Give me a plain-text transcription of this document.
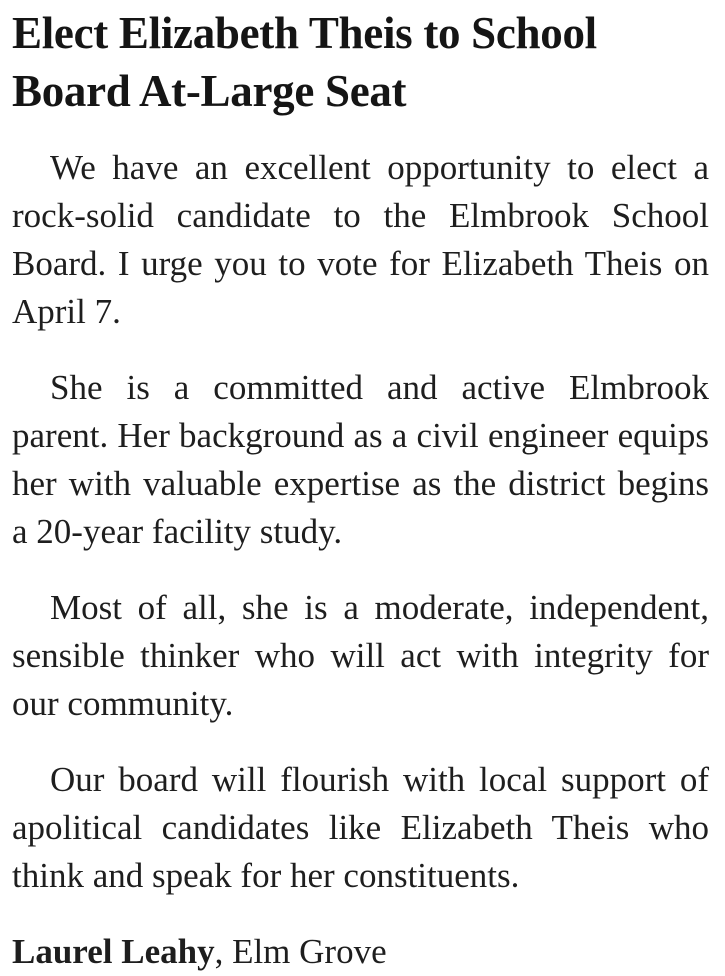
Elect Elizabeth Theis to School Board At-Large Seat

We have an excellent opportunity to elect a rock-solid candidate to the Elmbrook School Board. I urge you to vote for Elizabeth Theis on April 7.

She is a committed and active Elmbrook parent. Her background as a civil engineer equips her with valuable expertise as the district begins a 20-year facility study.

Most of all, she is a moderate, independent, sensible thinker who will act with integrity for our community.

Our board will flourish with local support of apolitical candidates like Elizabeth Theis who think and speak for her constituents.

Laurel Leahy, Elm Grove
